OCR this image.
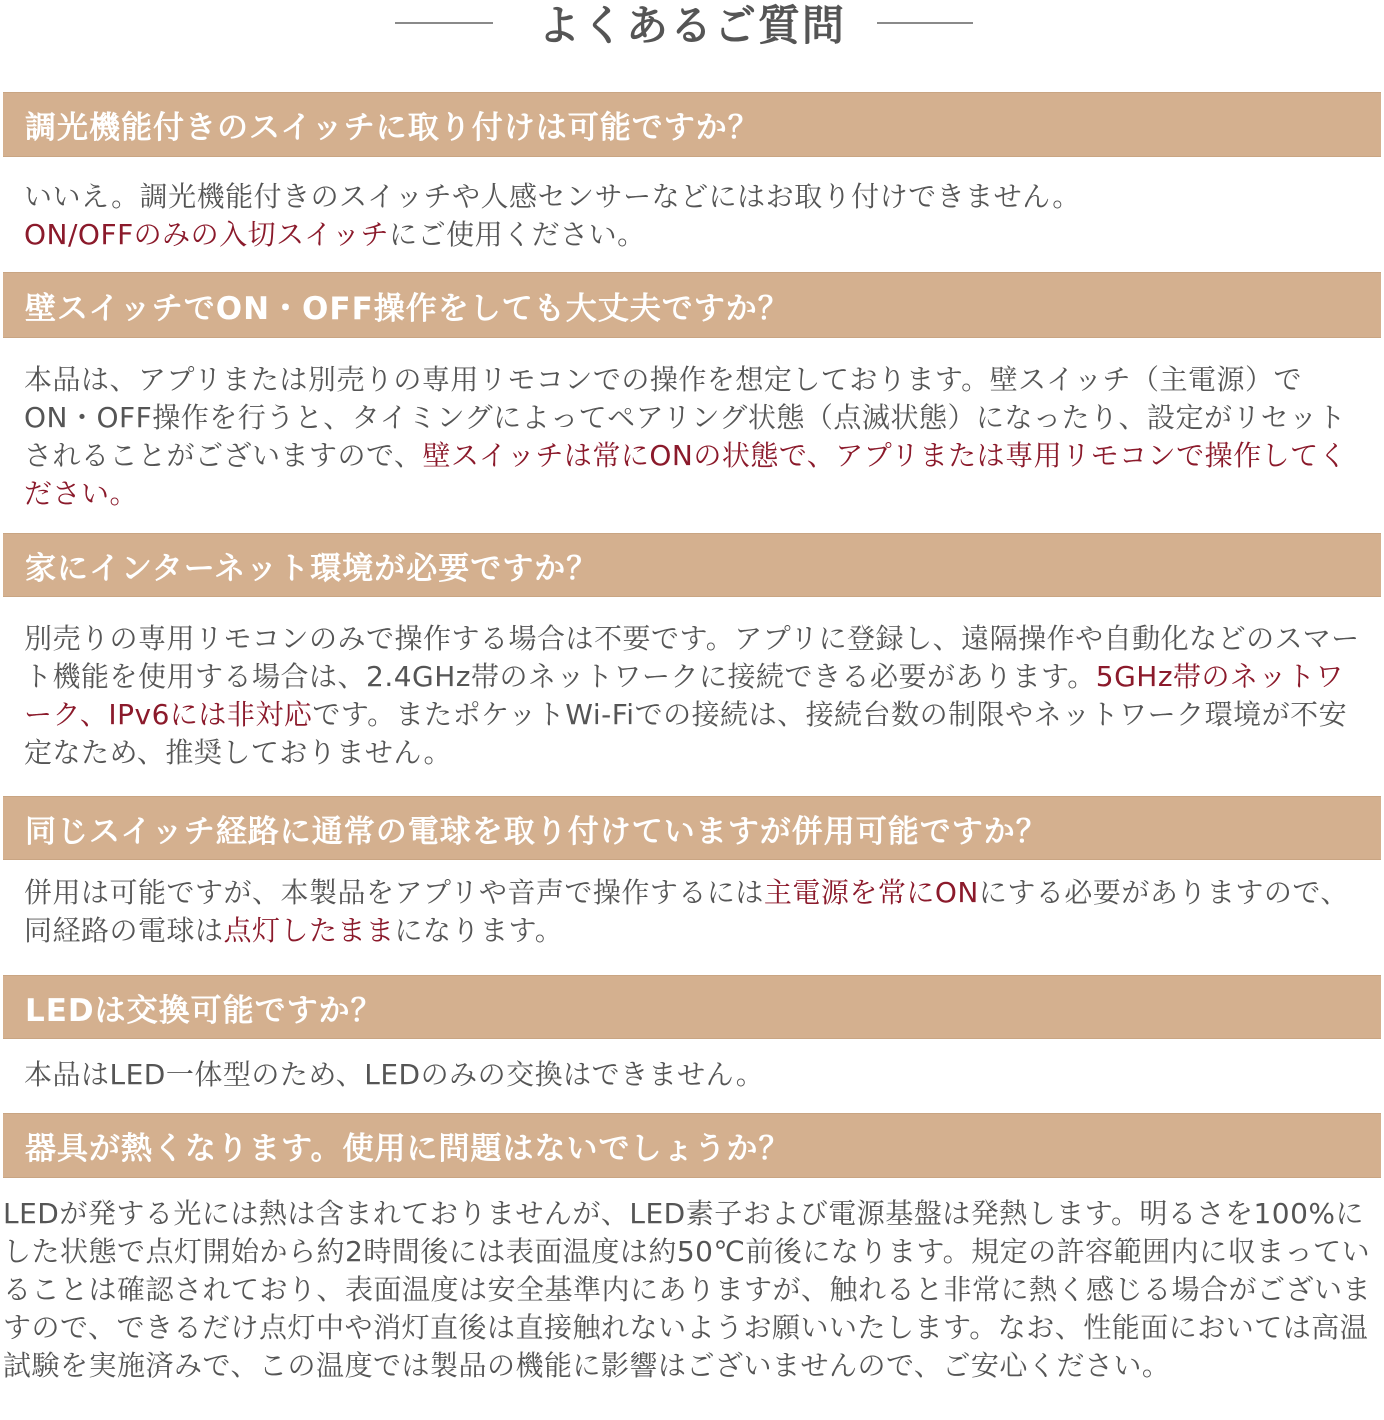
よくあるご質問
調光機能付きのスイッチに取り付けは可能ですか？
いいえ。調光機能付きのスイッチや人感センサーなどにはお取り付けできません。
ON/OFFのみの入切スイッチにご使用ください。
壁スイッチでON・OFF操作をしても大丈夫ですか？
本品は、アプリまたは別売りの専用リモコンでの操作を想定しております。壁スイッチ（主電源）でON・OFF操作を行うと、タイミングによってペアリング状態（点滅状態）になったり、設定がリセットされることがございますので、壁スイッチは常にONの状態で、アプリまたは専用リモコンで操作してください。
家にインターネット環境が必要ですか？
別売りの専用リモコンのみで操作する場合は不要です。アプリに登録し、遠隔操作や自動化などのスマート機能を使用する場合は、2.4GHz帯のネットワークに接続できる必要があります。5GHz帯のネットワーク、IPv6には非対応です。またポケットWi-Fiでの接続は、接続台数の制限やネットワーク環境が不安定なため、推奨しておりません。
同じスイッチ経路に通常の電球を取り付けていますが併用可能ですか？
併用は可能ですが、本製品をアプリや音声で操作するには主電源を常にONにする必要がありますので、同経路の電球は点灯したままになります。
LEDは交換可能ですか？
本品はLED一体型のため、LEDのみの交換はできません。
器具が熱くなります。使用に問題はないでしょうか？
LEDが発する光には熱は含まれておりませんが、LED素子および電源基盤は発熱します。明るさを100%にした状態で点灯開始から約2時間後には表面温度は約50℃前後になります。規定の許容範囲内に収まっていることは確認されており、表面温度は安全基準内にありますが、触れると非常に熱く感じる場合がございますので、できるだけ点灯中や消灯直後は直接触れないようお願いいたします。なお、性能面においては高温試験を実施済みで、この温度では製品の機能に影響はございませんので、ご安心ください。
